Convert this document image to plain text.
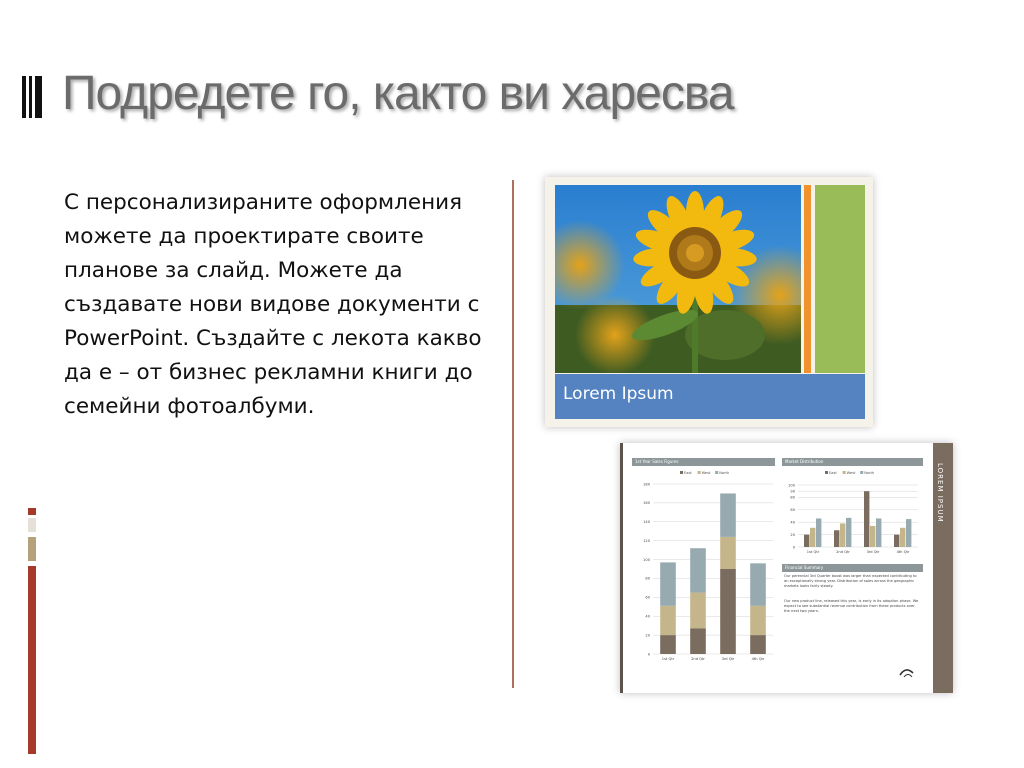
Подредете го, както ви харесва
С персонализираните оформления можете да проектирате своите планове за слайд. Можете да създавате нови видове документи с PowerPoint. Създайте с лекота какво да е – от бизнес рекламни книги до семейни фотоалбуми.	Lorem Ipsum
LOREM IPSUM
1st Year Sales Figures	Market Distribution
Financial Summary
Our perennial 3rd Quarter boost was larger than expected contributing to an exceptionally strong year. Distribution of sales across the geographic markets looks fairly steady.
Our new product line, released this year, is early in its adoption phase. We expect to see substantial revenue contribution from these products over the next two years.
East	West North
0
20
40
60
80
100
120
140
160
180
1st Qtr	2nd Qtr	3rd Qtr	4th Qtr
East	West North
0
20
40
60
80
90
100
1st Qtr	2nd Qtr	3rd Qtr	4th Qtr
